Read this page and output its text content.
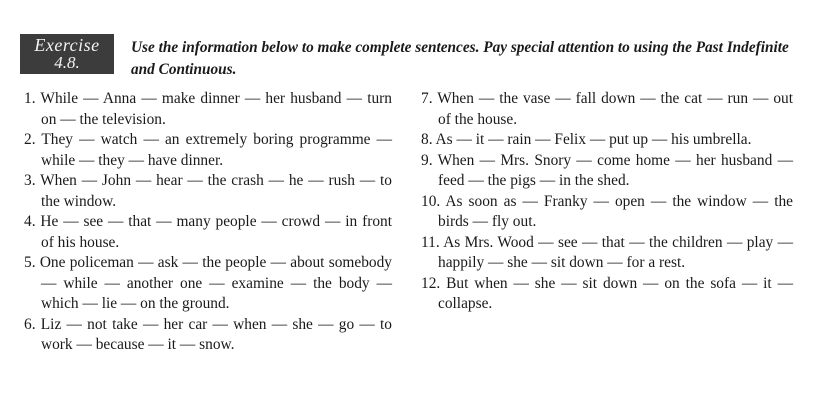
Exercise
4.8.
Use the information below to make complete sentences. Pay special attention to using the Past Indefinite and Continuous.
1. While — Anna — make dinner — her husband — turn on — the television.
2. They — watch — an extremely boring programme — while — they — have dinner.
3. When — John — hear — the crash — he — rush — to the window.
4. He — see — that — many people — crowd — in front of his house.
5. One policeman — ask — the people — about somebody — while — another one — examine — the body — which — lie — on the ground.
6. Liz — not take — her car — when — she — go — to work — because — it — snow.
7. When — the vase — fall down — the cat — run — out of the house.
8. As — it — rain — Felix — put up — his umbrella.
9. When — Mrs. Snory — come home — her husband — feed — the pigs — in the shed.
10. As soon as — Franky — open — the window — the birds — fly out.
11. As Mrs. Wood — see — that — the children — play — happily — she — sit down — for a rest.
12. But when — she — sit down — on the sofa — it — collapse.
